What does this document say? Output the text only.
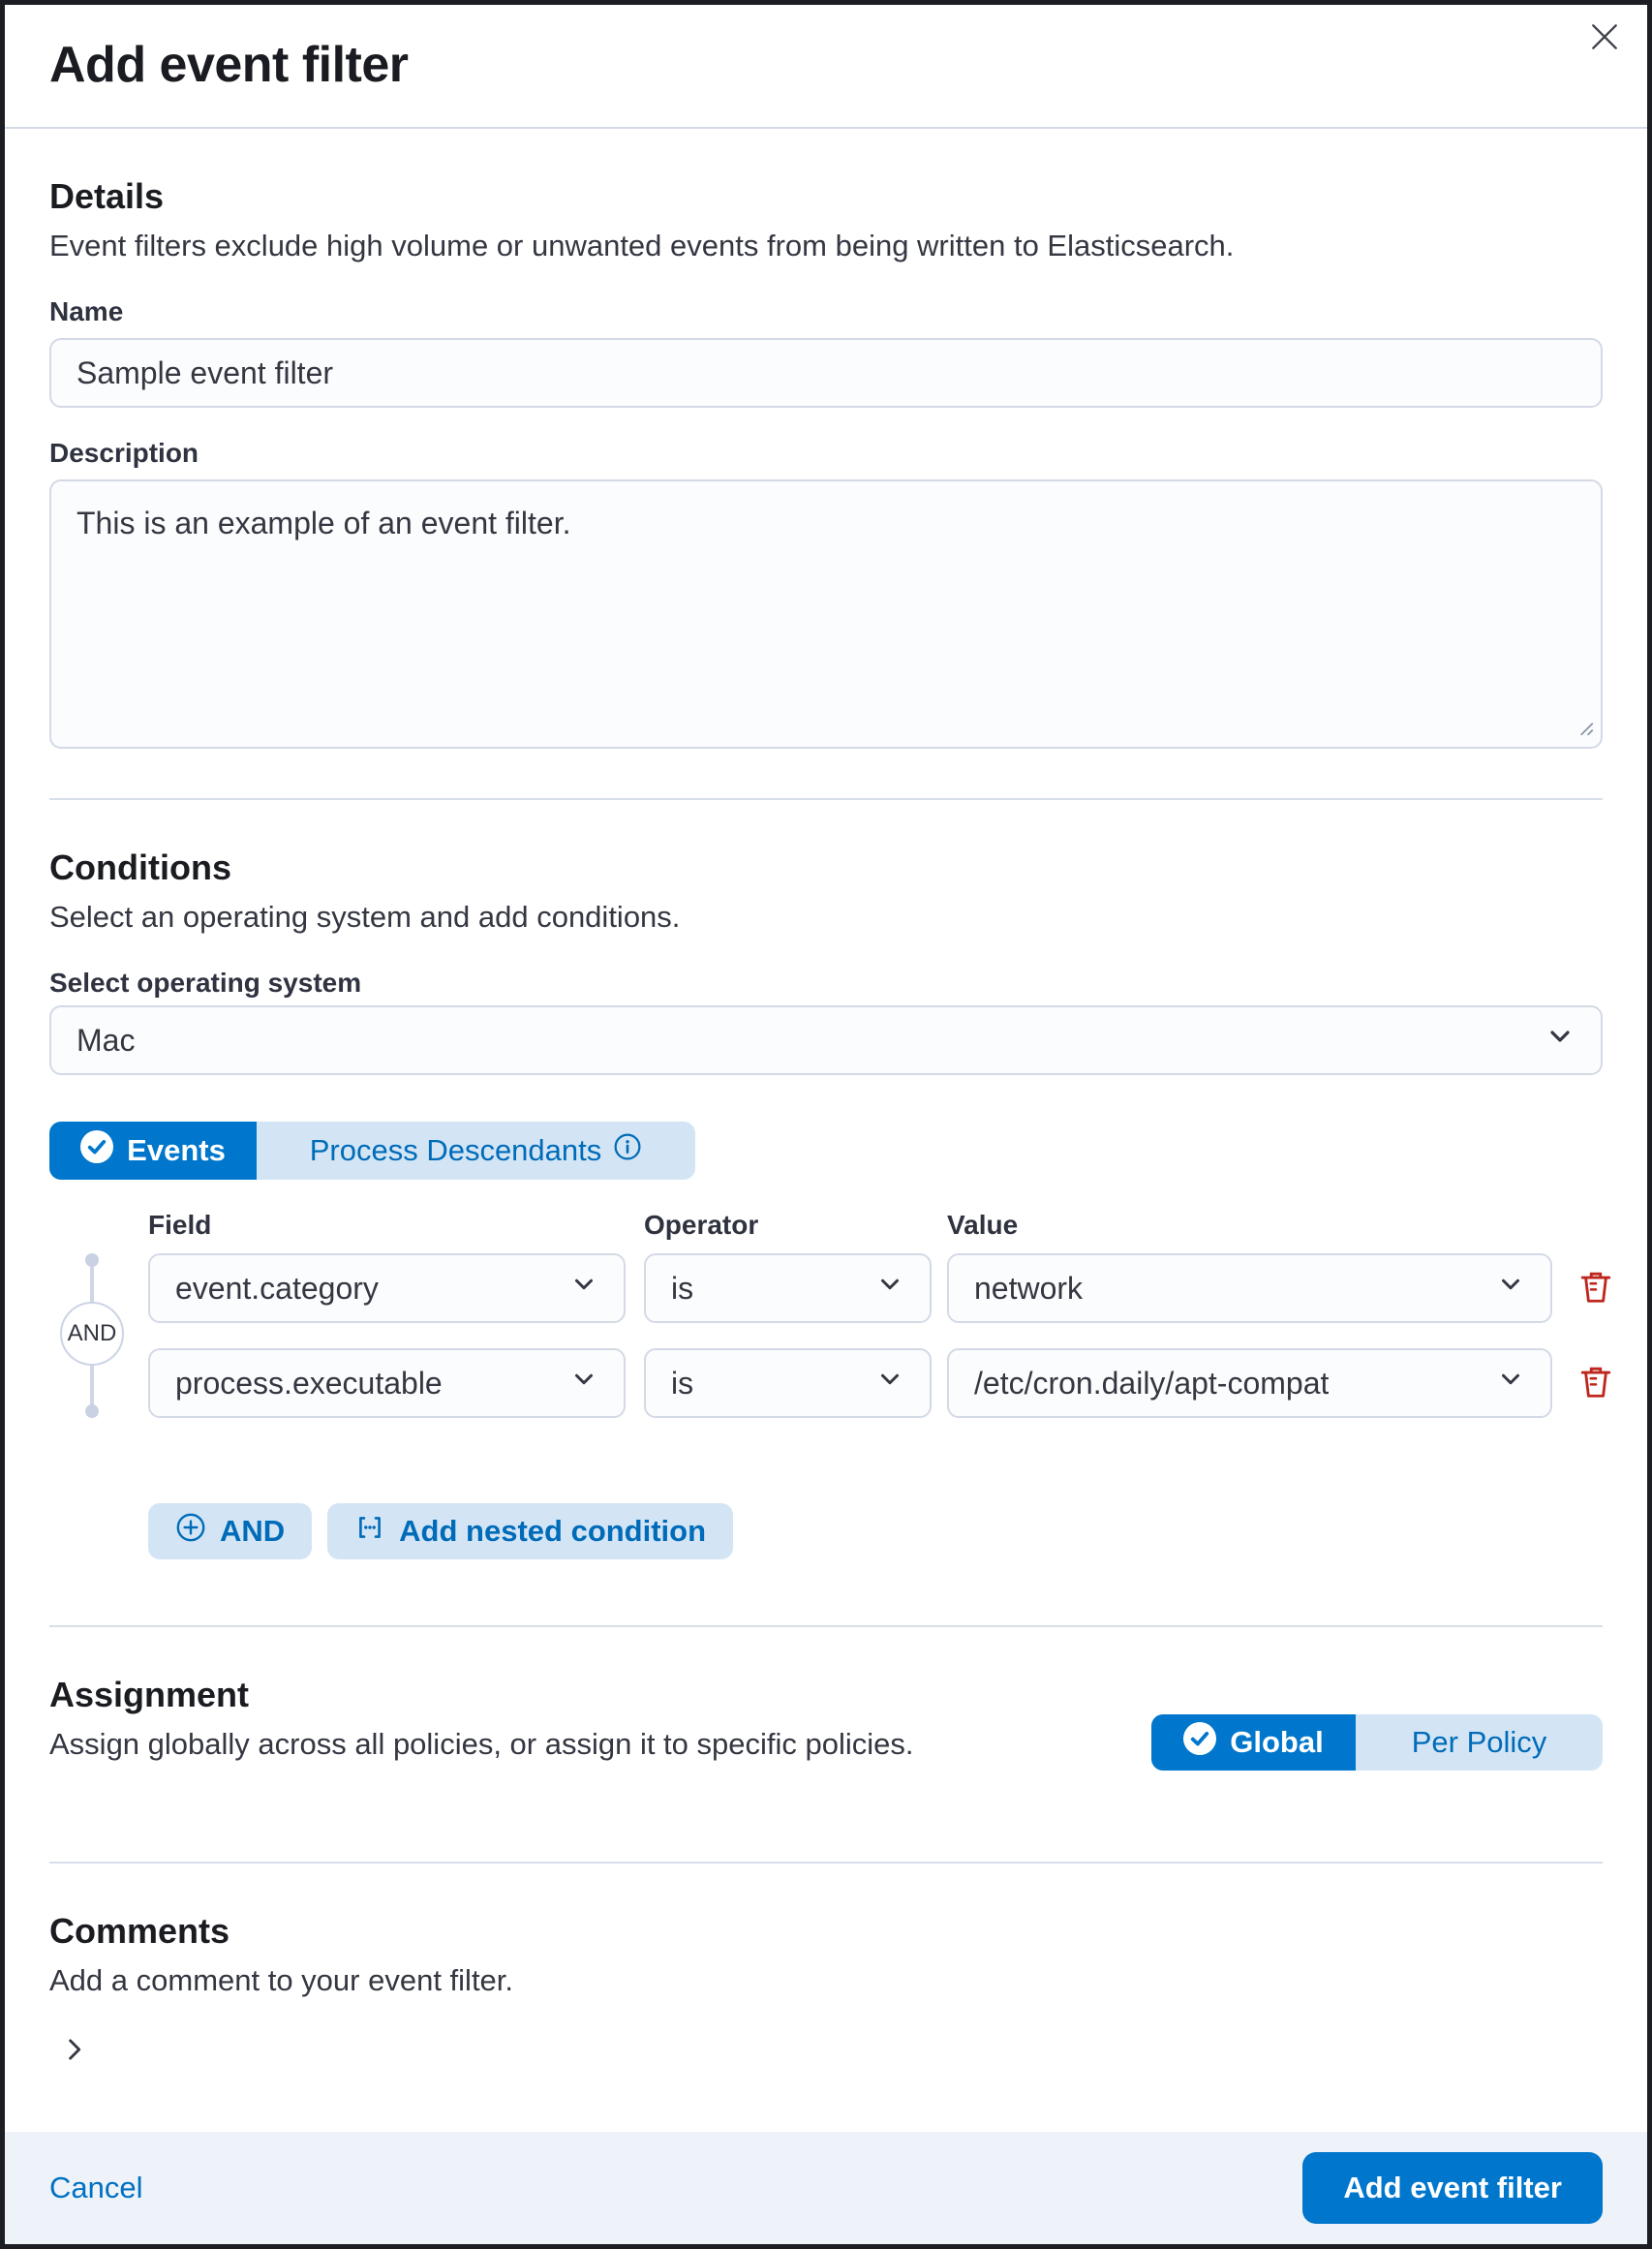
Add event filter
Details
Event filters exclude high volume or unwanted events from being written to Elasticsearch.
Name
Sample event filter
Description
This is an example of an event filter.
Conditions
Select an operating system and add conditions.
Select operating system
Mac
Events	Process Descendants
Field	Operator	Value
AND
event.category	is	network
process.executable	is	/etc/cron.daily/apt-compat
AND	Add nested condition
Assignment
Assign globally across all policies, or assign it to specific policies.	Global	Per Policy
Comments
Add a comment to your event filter.
Cancel	Add event filter
